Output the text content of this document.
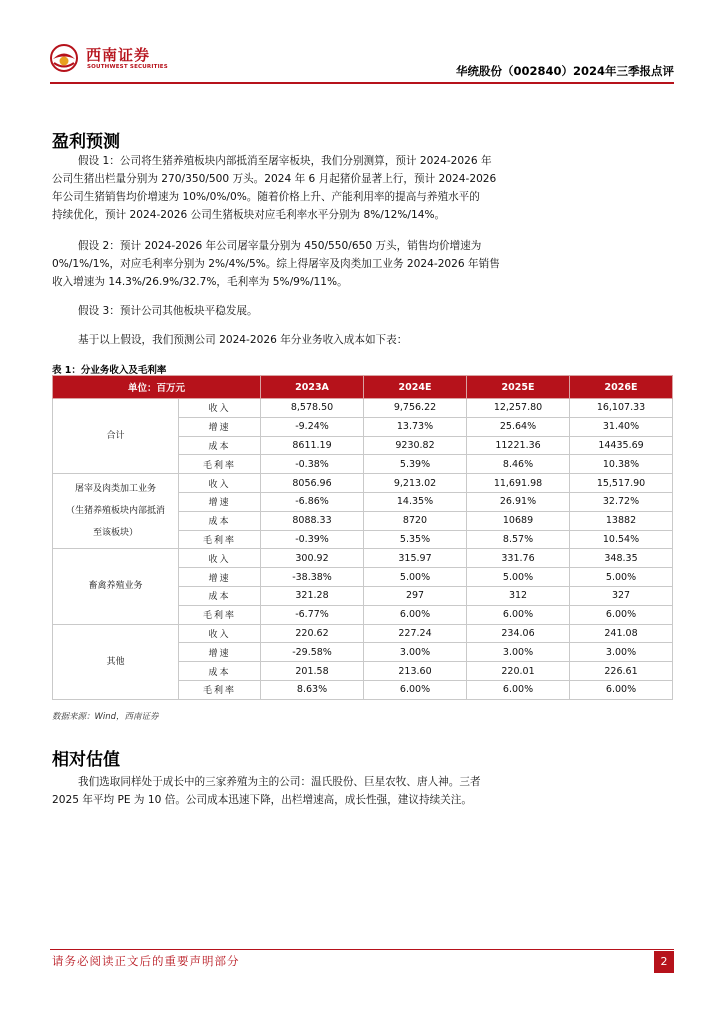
西南证券
SOUTHWEST SECURITIES	华统股份（002840）2024年三季报点评
盈利预测
假设 1：公司将生猪养殖板块内部抵消至屠宰板块，我们分别测算，预计 2024-2026 年
公司生猪出栏量分别为 270/350/500 万头。2024 年 6 月起猪价显著上行，预计 2024-2026
年公司生猪销售均价增速为 10%/0%/0%。随着价格上升、产能利用率的提高与养殖水平的
持续优化，预计 2024-2026 公司生猪板块对应毛利率水平分别为 8%/12%/14%。
假设 2：预计 2024-2026 年公司屠宰量分别为 450/550/650 万头，销售均价增速为
0%/1%/1%，对应毛利率分别为 2%/4%/5%。综上得屠宰及肉类加工业务 2024-2026 年销售
收入增速为 14.3%/26.9%/32.7%，毛利率为 5%/9%/11%。
假设 3：预计公司其他板块平稳发展。
基于以上假设，我们预测公司 2024-2026 年分业务收入成本如下表：
表 1：分业务收入及毛利率
单位：百万元		2023A	2024E	2025E	2026E

合计	收入	8,578.50	9,756.22	12,257.80	16,107.33
	增速	-9.24%	13.73%	25.64%	31.40%
	成本	8611.19	9230.82	11221.36	14435.69
	毛利率	-0.38%	5.39%	8.46%	10.38%

屠宰及肉类加工业务
（生猪养殖板块内部抵消
至该板块）	收入	8056.96	9,213.02	11,691.98	15,517.90
	增速	-6.86%	14.35%	26.91%	32.72%
	成本	8088.33	8720	10689	13882
	毛利率	-0.39%	5.35%	8.57%	10.54%

畜禽养殖业务	收入	300.92	315.97	331.76	348.35
	增速	-38.38%	5.00%	5.00%	5.00%
	成本	321.28	297	312	327
	毛利率	-6.77%	6.00%	6.00%	6.00%

其他	收入	220.62	227.24	234.06	241.08
	增速	-29.58%	3.00%	3.00%	3.00%
	成本	201.58	213.60	220.01	226.61
	毛利率	8.63%	6.00%	6.00%	6.00%
数据来源：Wind，西南证券
相对估值
我们选取同样处于成长中的三家养殖为主的公司：温氏股份、巨星农牧、唐人神。三者
2025 年平均 PE 为 10 倍。公司成本迅速下降，出栏增速高，成长性强，建议持续关注。
请务必阅读正文后的重要声明部分	2
